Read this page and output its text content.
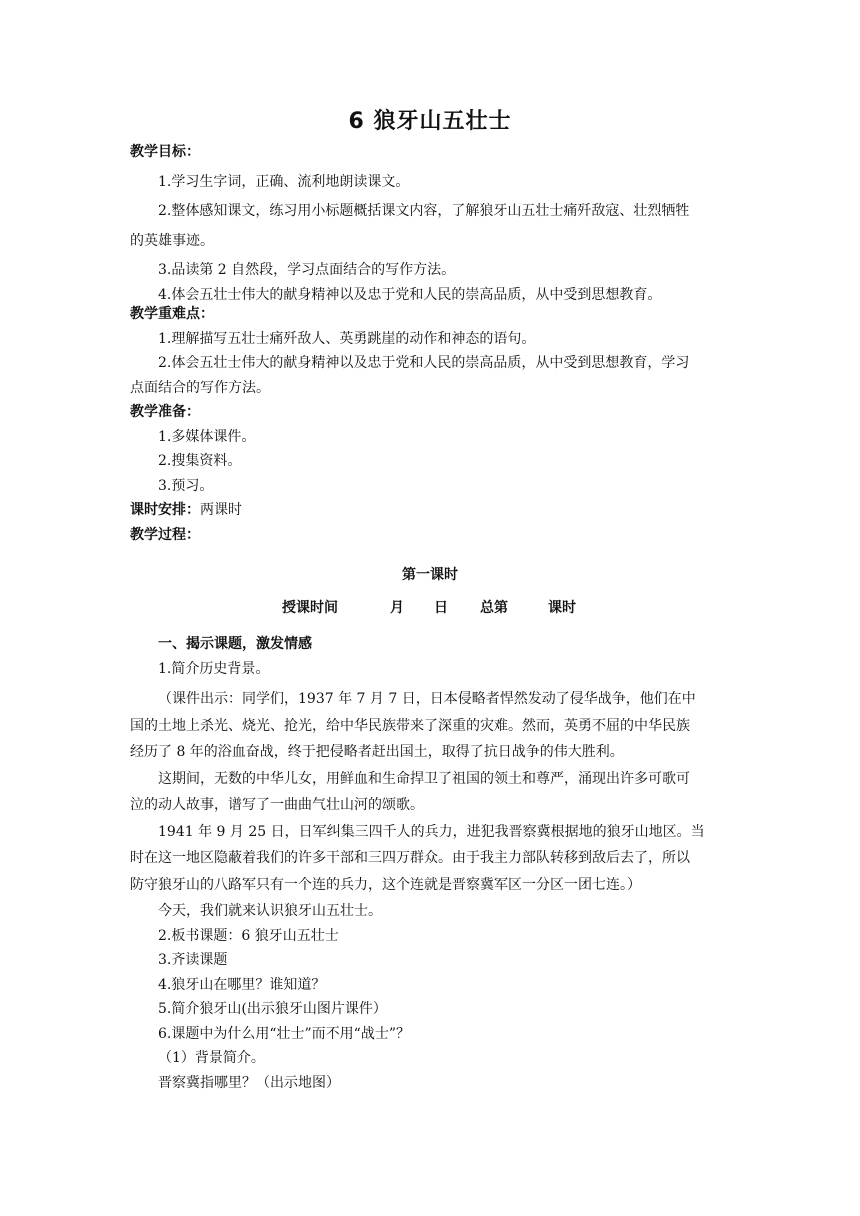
6 狼牙山五壮士
教学目标：
1.学习生字词，正确、流利地朗读课文。
2.整体感知课文，练习用小标题概括课文内容，了解狼牙山五壮士痛歼敌寇、壮烈牺牲
的英雄事迹。
3.品读第 2 自然段，学习点面结合的写作方法。
4.体会五壮士伟大的献身精神以及忠于党和人民的崇高品质，从中受到思想教育。
教学重难点：
1.理解描写五壮士痛歼敌人、英勇跳崖的动作和神态的语句。
2.体会五壮士伟大的献身精神以及忠于党和人民的崇高品质，从中受到思想教育，学习
点面结合的写作方法。
教学准备：
1.多媒体课件。
2.搜集资料。
3.预习。
课时安排：两课时
教学过程：
第一课时
授课时间	月 日 总第	课时
一、揭示课题，激发情感
1.简介历史背景。
（课件出示：同学们，1937 年 7 月 7 日，日本侵略者悍然发动了侵华战争，他们在中
国的土地上杀光、烧光、抢光，给中华民族带来了深重的灾难。然而，英勇不屈的中华民族
经历了 8 年的浴血奋战，终于把侵略者赶出国土，取得了抗日战争的伟大胜利。
这期间，无数的中华儿女，用鲜血和生命捍卫了祖国的领土和尊严，涌现出许多可歌可
泣的动人故事，谱写了一曲曲气壮山河的颂歌。
1941 年 9 月 25 日，日军纠集三四千人的兵力，进犯我晋察冀根据地的狼牙山地区。当
时在这一地区隐蔽着我们的许多干部和三四万群众。由于我主力部队转移到敌后去了，所以
防守狼牙山的八路军只有一个连的兵力，这个连就是晋察冀军区一分区一团七连。）
今天，我们就来认识狼牙山五壮士。
2.板书课题：6 狼牙山五壮士
3.齐读课题
4.狼牙山在哪里？谁知道？
5.简介狼牙山(出示狼牙山图片课件）
6.课题中为什么用“壮士”而不用“战士”？
（1）背景简介。
晋察冀指哪里？（出示地图）
